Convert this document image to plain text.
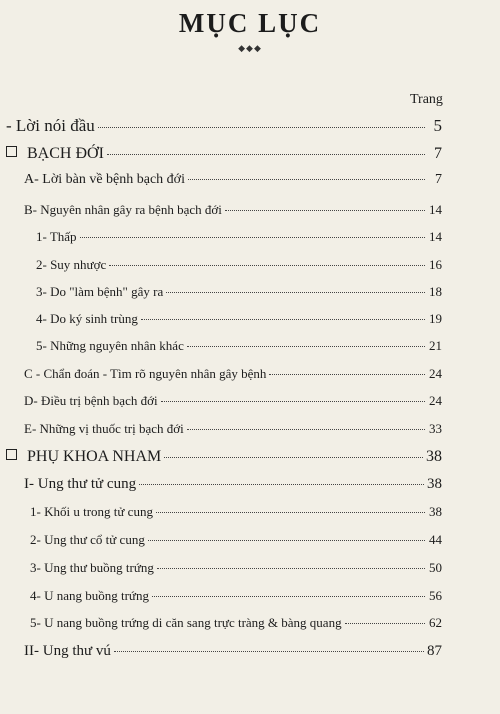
MỤC LỤC
◆◆◆
Trang
- Lời nói đầu	5
BẠCH ĐỚI	7
A- Lời bàn về bệnh bạch đới	7
B- Nguyên nhân gây ra bệnh bạch đới	14
1- Thấp	14
2- Suy nhược	16
3- Do "làm bệnh" gây ra	18
4- Do ký sinh trùng	19
5- Những nguyên nhân khác	21
C - Chẩn đoán - Tìm rõ nguyên nhân gây bệnh	24
D- Điều trị bệnh bạch đới	24
E- Những vị thuốc trị bạch đới	33
PHỤ KHOA NHAM	38
I- Ung thư tử cung	38
1- Khối u trong tử cung	38
2- Ung thư cổ tử cung	44
3- Ung thư buồng trứng	50
4- U nang buồng trứng	56
5- U nang buồng trứng di căn sang trực tràng & bàng quang	62
II- Ung thư vú	87
